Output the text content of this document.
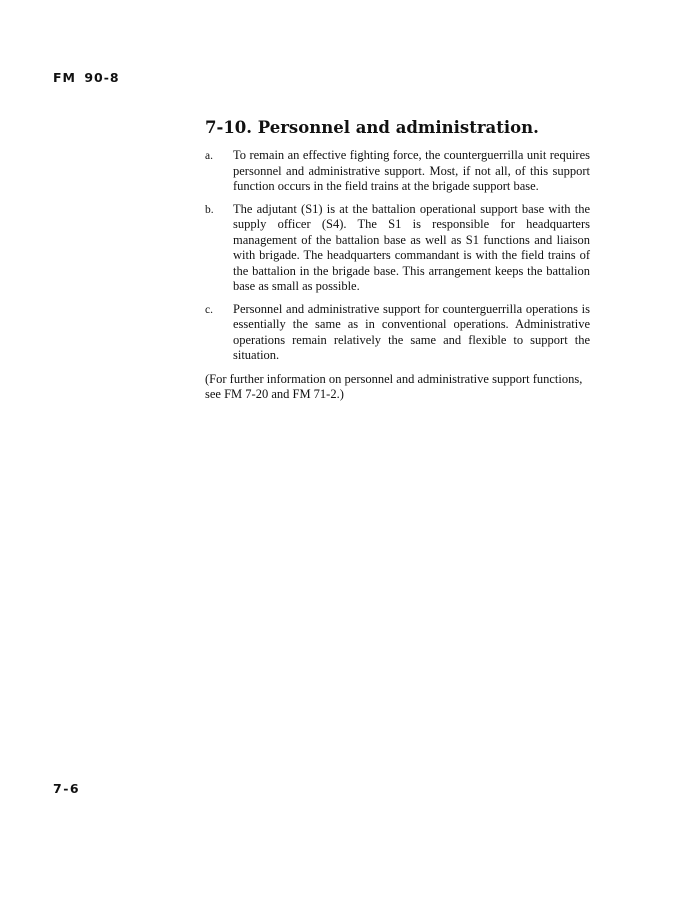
FM 90-8

7-10. Personnel and administration.
a.	To remain an effective fighting force, the counterguerrilla unit requires personnel and administrative support. Most, if not all, of this support function occurs in the field trains at the brigade support base.
b.	The adjutant (S1) is at the battalion operational support base with the supply officer (S4). The S1 is responsible for headquarters management of the battalion base as well as S1 functions and liaison with brigade. The headquarters commandant is with the field trains of the battalion in the brigade base. This arrangement keeps the battalion base as small as possible.
c.	Personnel and administrative support for counterguerrilla operations is essentially the same as in conventional operations. Administrative operations remain relatively the same and flexible to support the situation.

(For further information on personnel and administrative support functions, see FM 7-20 and FM 71-2.)

7-6
